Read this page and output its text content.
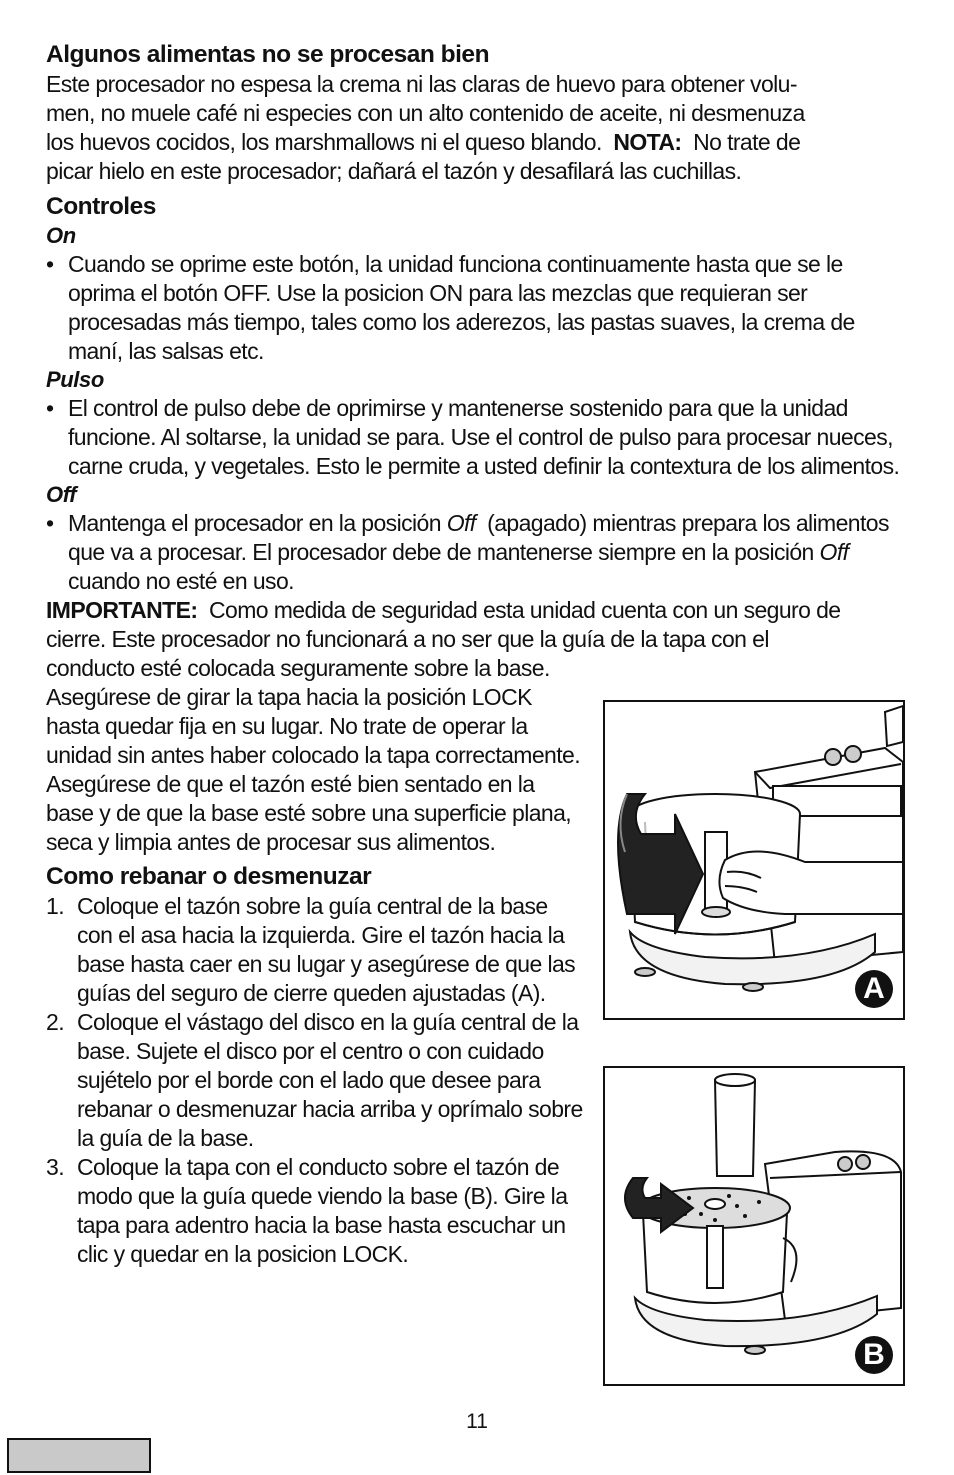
Algunos alimentas no se procesan bien

Este procesador no espesa la crema ni las claras de huevo para obtener volu-

men, no muele café ni especies con un alto contenido de aceite, ni desmenuza

los huevos cocidos, los marshmallows ni el queso blando. NOTA: No trate de

picar hielo en este procesador; dañará el tazón y desafilará las cuchillas.

Controles

On

• Cuando se oprime este botón, la unidad funciona continuamente hasta que se le oprima el botón OFF. Use la posicion ON para las mezclas que requieran ser procesadas más tiempo, tales como los aderezos, las pastas suaves, la crema de maní, las salsas etc.

Pulso

• El control de pulso debe de oprimirse y mantenerse sostenido para que la unidad funcione. Al soltarse, la unidad se para. Use el control de pulso para procesar nueces, carne cruda, y vegetales. Esto le permite a usted definir la contextura de los alimentos.

Off

• Mantenga el procesador en la posición Off (apagado) mientras prepara los alimentos que va a procesar. El procesador debe de mantenerse siempre en la posición Off cuando no esté en uso.

IMPORTANTE: Como medida de seguridad esta unidad cuenta con un seguro de

cierre. Este procesador no funcionará a no ser que la guía de la tapa con el

conducto esté colocada seguramente sobre la base. Asegúrese de girar la tapa hacia la posición LOCK hasta quedar fija en su lugar. No trate de operar la unidad sin antes haber colocado la tapa correctamente. Asegúrese de que el tazón esté bien sentado en la base y de que la base esté sobre una superficie plana, seca y limpia antes de procesar sus alimentos.

Como rebanar o desmenuzar
1. Coloque el tazón sobre la guía central de la base con el asa hacia la izquierda. Gire el tazón hacia la base hasta caer en su lugar y asegúrese de que las guías del seguro de cierre queden ajustadas (A).
2. Coloque el vástago del disco en la guía central de la base. Sujete el disco por el centro o con cuidado sujételo por el borde con el lado que desee para rebanar o desmenuzar hacia arriba y oprímalo sobre la guía de la base.
3. Coloque la tapa con el conducto sobre el tazón de modo que la guía quede viendo la base (B). Gire la tapa para adentro hacia la base hasta escuchar un clic y quedar en la posicion LOCK.
A
B
11
